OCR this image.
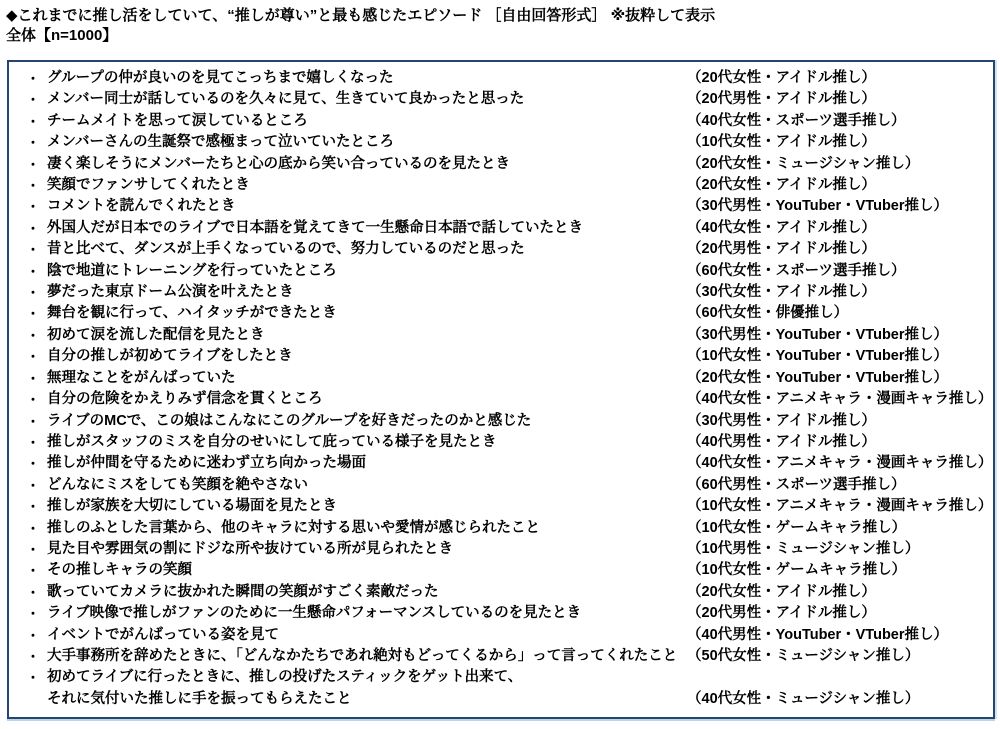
◆これまでに推し活をしていて、“推しが尊い”と最も感じたエピソード ［自由回答形式］ ※抜粋して表示
全体【n=1000】
・ グループの仲が良いのを見てこっちまで嬉しくなった	（20代女性・アイドル推し）
・ メンバー同士が話しているのを久々に見て、生きていて良かったと思った	（20代男性・アイドル推し）
・ チームメイトを思って涙しているところ	（40代女性・スポーツ選手推し）
・ メンバーさんの生誕祭で感極まって泣いていたところ	（10代女性・アイドル推し）
・ 凄く楽しそうにメンバーたちと心の底から笑い合っているのを見たとき	（20代女性・ミュージシャン推し）
・ 笑顔でファンサしてくれたとき	（20代女性・アイドル推し）
・ コメントを読んでくれたとき	（30代男性・YouTuber・VTuber推し）
・ 外国人だが日本でのライブで日本語を覚えてきて一生懸命日本語で話していたとき	（40代女性・アイドル推し）
・ 昔と比べて、ダンスが上手くなっているので、努力しているのだと思った	（20代男性・アイドル推し）
・ 陰で地道にトレーニングを行っていたところ	（60代女性・スポーツ選手推し）
・ 夢だった東京ドーム公演を叶えたとき	（30代女性・アイドル推し）
・ 舞台を観に行って、ハイタッチができたとき	（60代女性・俳優推し）
・ 初めて涙を流した配信を見たとき	（30代男性・YouTuber・VTuber推し）
・ 自分の推しが初めてライブをしたとき	（10代女性・YouTuber・VTuber推し）
・ 無理なことをがんばっていた	（20代女性・YouTuber・VTuber推し）
・ 自分の危険をかえりみず信念を貫くところ	（40代女性・アニメキャラ・漫画キャラ推し）
・ ライブのMCで、この娘はこんなにこのグループを好きだったのかと感じた	（30代男性・アイドル推し）
・ 推しがスタッフのミスを自分のせいにして庇っている様子を見たとき	（40代男性・アイドル推し）
・ 推しが仲間を守るために迷わず立ち向かった場面	（40代女性・アニメキャラ・漫画キャラ推し）
・ どんなにミスをしても笑顔を絶やさない	（60代男性・スポーツ選手推し）
・ 推しが家族を大切にしている場面を見たとき	（10代女性・アニメキャラ・漫画キャラ推し）
・ 推しのふとした言葉から、他のキャラに対する思いや愛情が感じられたこと	（10代女性・ゲームキャラ推し）
・ 見た目や雰囲気の割にドジな所や抜けている所が見られたとき	（10代男性・ミュージシャン推し）
・ その推しキャラの笑顔	（10代女性・ゲームキャラ推し）
・ 歌っていてカメラに抜かれた瞬間の笑顔がすごく素敵だった	（20代女性・アイドル推し）
・ ライブ映像で推しがファンのために一生懸命パフォーマンスしているのを見たとき	（20代男性・アイドル推し）
・ イベントでがんばっている姿を見て	（40代男性・YouTuber・VTuber推し）
・ 大手事務所を辞めたときに、「どんなかたちであれ絶対もどってくるから」って言ってくれたこと （50代女性・ミュージシャン推し）
・ 初めてライブに行ったときに、推しの投げたスティックをゲット出来て、
それに気付いた推しに手を振ってもらえたこと	（40代女性・ミュージシャン推し）
